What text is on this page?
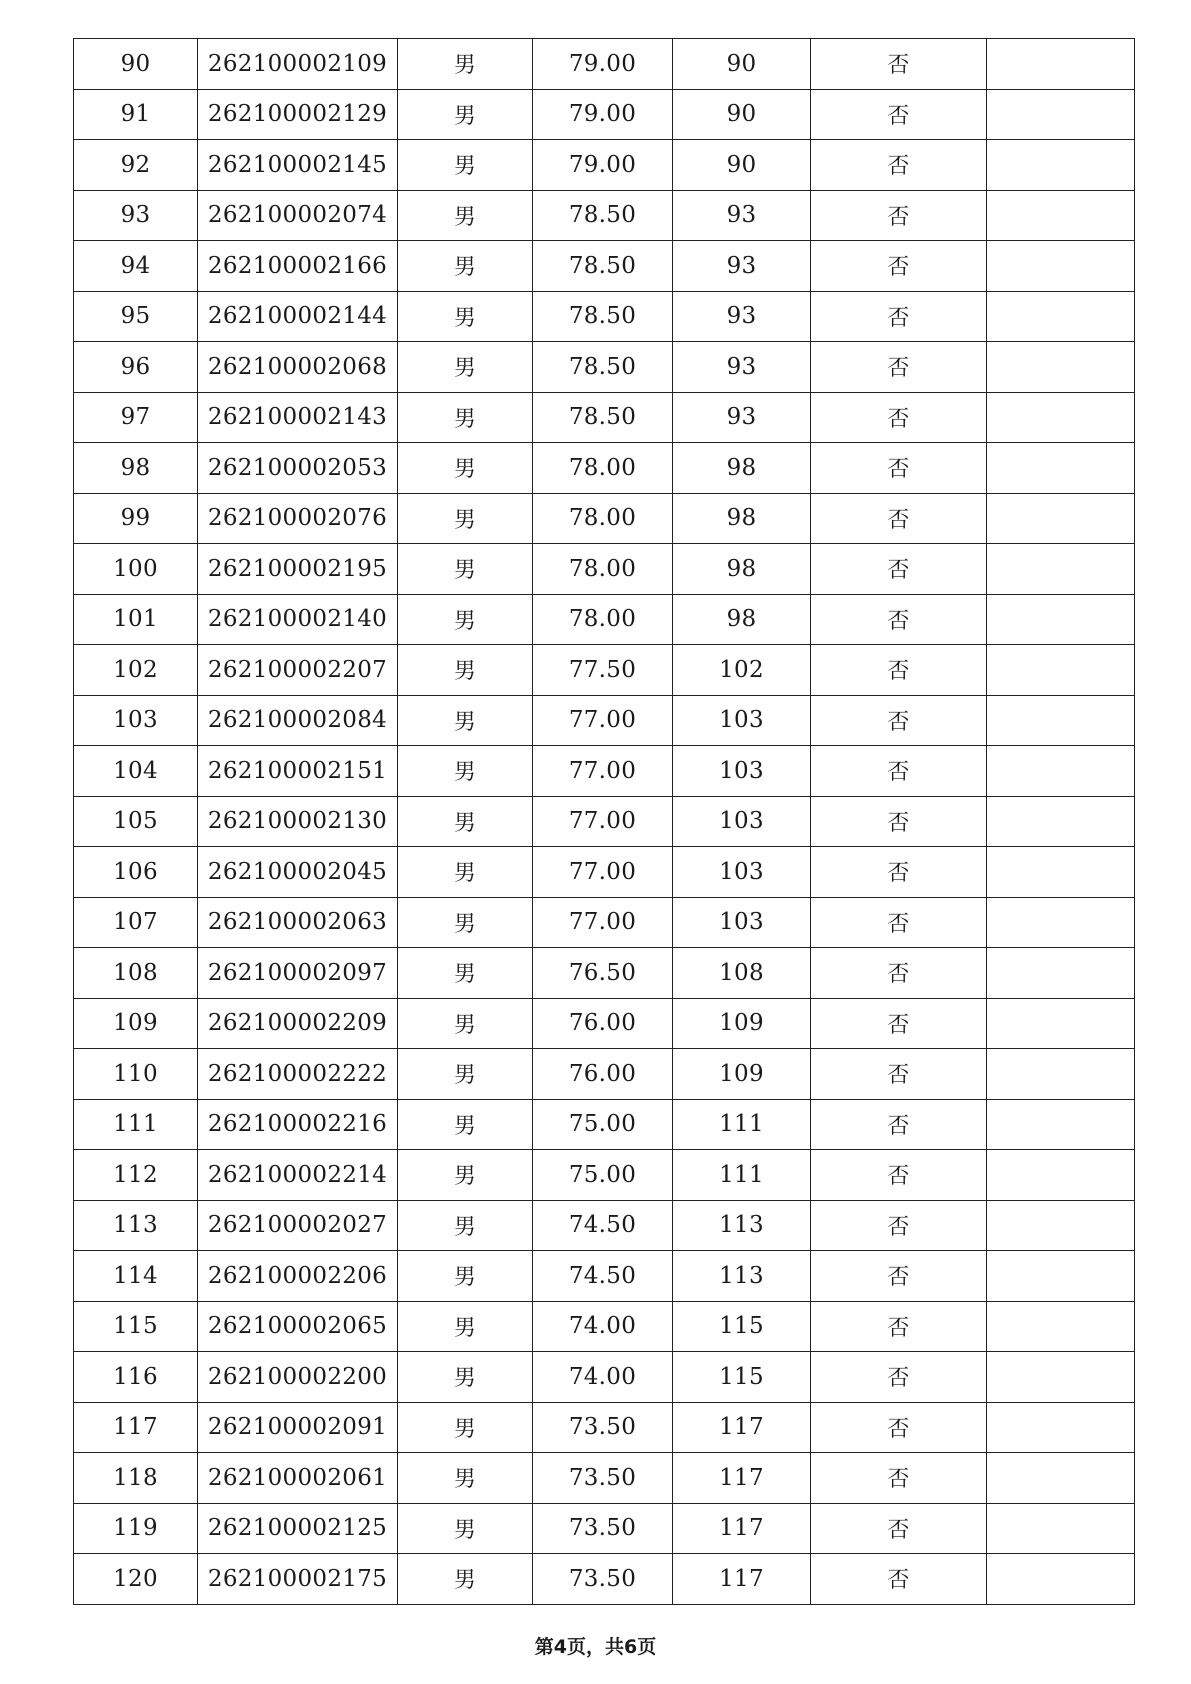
90	262100002109	男	79.00	90	否	
91	262100002129	男	79.00	90	否	
92	262100002145	男	79.00	90	否	
93	262100002074	男	78.50	93	否	
94	262100002166	男	78.50	93	否	
95	262100002144	男	78.50	93	否	
96	262100002068	男	78.50	93	否	
97	262100002143	男	78.50	93	否	
98	262100002053	男	78.00	98	否	
99	262100002076	男	78.00	98	否	
100	262100002195	男	78.00	98	否	
101	262100002140	男	78.00	98	否	
102	262100002207	男	77.50	102	否	
103	262100002084	男	77.00	103	否	
104	262100002151	男	77.00	103	否	
105	262100002130	男	77.00	103	否	
106	262100002045	男	77.00	103	否	
107	262100002063	男	77.00	103	否	
108	262100002097	男	76.50	108	否	
109	262100002209	男	76.00	109	否	
110	262100002222	男	76.00	109	否	
111	262100002216	男	75.00	111	否	
112	262100002214	男	75.00	111	否	
113	262100002027	男	74.50	113	否	
114	262100002206	男	74.50	113	否	
115	262100002065	男	74.00	115	否	
116	262100002200	男	74.00	115	否	
117	262100002091	男	73.50	117	否	
118	262100002061	男	73.50	117	否	
119	262100002125	男	73.50	117	否	
120	262100002175	男	73.50	117	否	
第4页，共6页
